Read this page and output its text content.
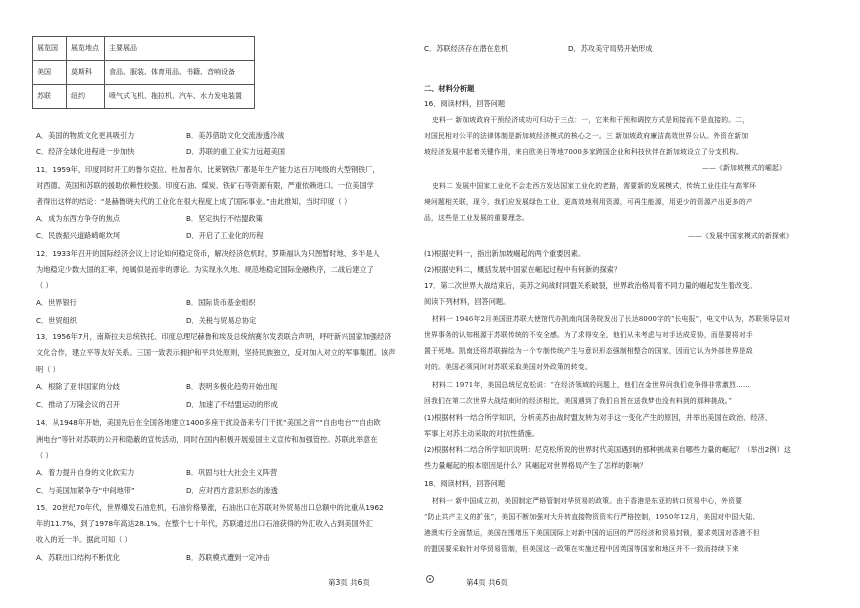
展览国	展览地点	主要展品
美国	莫斯科	食品、服装、体育用品、书籍、音响设备
苏联	纽约	喷气式飞机、拖拉机、汽车、水力发电装置
A．美国的物质文化更具吸引力	B．美苏借助文化交流渗透冷战
C．经济全球化进程进一步加快	D．苏联的重工业实力远超美国
11．1959年，印度同时开工的鲁尔克拉、杜加普尔、比莱钢铁厂都是年生产能力达百万吨级的大型钢铁厂，
对西德、英国和苏联的援助依赖性较强。印度石油、煤炭、铁矿石等资源有限，严重依赖进口。一位美国学
者得出这样的结论：“是赫鲁晓夫代的工业化在很大程度上成了国际事业。”由此推知，当时印度（ ）
A．成为东西方争夺的焦点	B．坚定执行不结盟政策
C．民族振兴道路崎岖坎坷	D．开启了工业化的历程
12．1933年召开的国际经济会议上讨论如何稳定货币，解决经济危机时，罗斯福认为只图暂时地、多半是人
为地稳定少数大国的汇率，纯属似是而非的谬论。为实现永久地、规范地稳定国际金融秩序，二战后建立了
（ ）
A．世界银行	B．国际货币基金组织
C．世贸组织	D．关税与贸易总协定
13．1956年7月，南斯拉夫总统铁托、印度总理尼赫鲁和埃及总统纳赛尔发表联合声明，呼吁新兴国家加强经济
文化合作，建立平等友好关系。三国一致表示拥护和平共处原则，坚持民族独立，反对加入对立的军事集团。该声
明（ ）
A．根除了亚非国家的分歧	B．表明多极化趋势开始出现
C．推动了万隆会议的召开	D．加速了不结盟运动的形成
14．从1948年开始，美国先后在全国各地建立1400多座干扰设备来专门干扰“美国之音”“自由电台”“自由欧
洲电台”等针对苏联的公开和隐蔽的宣传活动，同时在国内积极开展爱国主义宣传和加强管控。苏联此举意在
（ ）
A．着力提升自身的文化软实力	B．巩固与壮大社会主义阵营
C．与美国加紧争夺“中间地带”	D．应对西方意识形态的渗透
15．20世纪70年代，世界爆发石油危机，石油价格暴涨，石油出口在苏联对外贸易出口总额中的比重从1962
年的11.7%，到了1978年高达28.1%。在整个七十年代，苏联通过出口石油获得的外汇收入占到美国外汇
收入的近一半。据此可知（ ）
A．苏联出口结构不断优化	B．苏联模式遭到一定冲击
C．苏联经济存在潜在危机	D．苏攻美守局势开始形成
二、材料分析题
16．阅读材料，回答问题
史料一 新加坡政府干预经济成功可归功于三点：一，它来和干预和调控方式是间接而不是直接的。二，
对国民相对公平的法律体制是新加坡经济模式的核心之一。三 新加坡政府廉洁高效世界公认。外资在新加
坡经济发展中起着关键作用，来自欧美日等地7000多家跨国企业和科技伙伴在新加坡设立了分支机构。
——《新加坡模式的崛起》
史料二 发展中国家工业化不会走西方发达国家工业化的老路，需要新的发展模式，传统工业往往与高零环
境问题相关联，现今，我们应发展绿色工业，更高效地利用资源，可再生能源，用更少的资源产出更多的产
品，这些是工业发展的重要理念。
——《发展中国家模式的新探索》
(1)根据史料一，指出新加坡崛起的两个重要因素。
(2)根据史料二，概括发展中国家在崛起过程中有何新的探索？
17．第二次世界大战结束后，美苏之间战时同盟关系破裂，世界政治格局着不同力量的崛起发生着改变。
阅读下列材料，回答问题。
材料一 1946年2月美国驻苏联大使馆代办凯南向国务院发出了长达8000字的“长电报”，电文中认为，苏联领导层对
世界事务的认知根源于苏联传统的不安全感。为了求得安全，他们从未考虑与对手达成妥协，而是要将对手
置于死地。凯南还将苏联描绘为一个专制传统产生与意识形态强制相整合的国家，因而它认为外部世界是敌
对的。美国必须同时对苏联采取美国对外政策的转变。
材料二 1971年，美国总统尼克松说：“在经济领域的问题上，他们在金世界问我们竞争得非常激烈……
回我们在第二次世界大战结束时的经济相比，美国遇到了我们自旨在送我梦也没有料到的那种挑战。”
(1)根据材料一结合所学知识，分析美苏由战时盟友转为对手这一变化产生的原因，并举出美国在政治、经济、
军事上对苏主动采取的对抗性措施。
(2)根据材料二结合所学知识说明：尼克松所说的世界时代美国遇到的那种挑战来自哪些力量的崛起？（举出2例）这
些力量崛起的根本原因是什么？其崛起对世界格局产生了怎样的影响？
18．阅读材料，回答问题
材料一 新中国成立初，美国制定严格管制对华贸易的政策。由于香港是东亚的转口贸易中心，外资要
“防止共产主义的扩张”，美国不断加强对大升转直接物资资实行严格控制，1950年12月，美国对中国大陆、
港澳实行全面禁运，美国在围堵压下美国国际上对新中国的运回的严厉经济和贸易封锁，要求英国对香港不但
的盟国要采取针对华贸易管制，但美国这一政策在实施过程中因英国等国家和地区并不一致而持续下来
第3页 共6页	第4页 共6页
